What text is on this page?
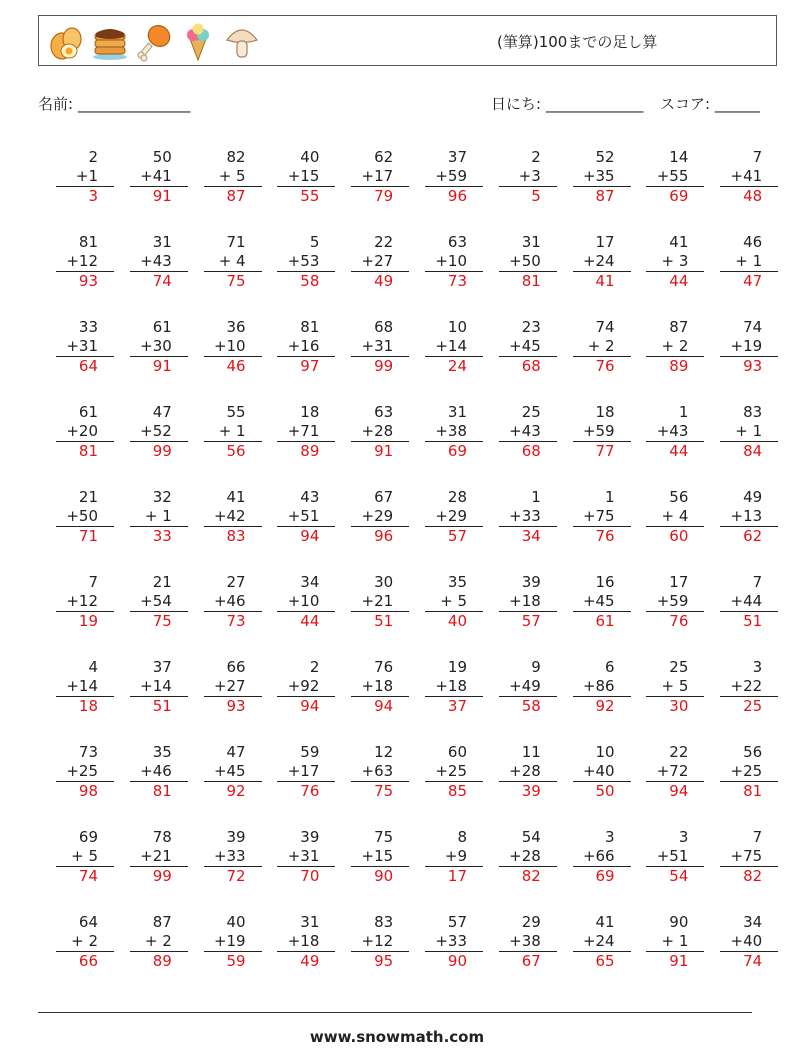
(筆算)100までの足し算
名前: _______________	日にち: _____________ スコア: ______
2
+1
3
50
+41
91
82
+ 5
87
40
+15
55
62
+17
79
37
+59
96
2
+3
5
52
+35
87
14
+55
69
7
+41
48
81
+12
93
31
+43
74
71
+ 4
75
5
+53
58
22
+27
49
63
+10
73
31
+50
81
17
+24
41
41
+ 3
44
46
+ 1
47
33
+31
64
61
+30
91
36
+10
46
81
+16
97
68
+31
99
10
+14
24
23
+45
68
74
+ 2
76
87
+ 2
89
74
+19
93
61
+20
81
47
+52
99
55
+ 1
56
18
+71
89
63
+28
91
31
+38
69
25
+43
68
18
+59
77
1
+43
44
83
+ 1
84
21
+50
71
32
+ 1
33
41
+42
83
43
+51
94
67
+29
96
28
+29
57
1
+33
34
1
+75
76
56
+ 4
60
49
+13
62
7
+12
19
21
+54
75
27
+46
73
34
+10
44
30
+21
51
35
+ 5
40
39
+18
57
16
+45
61
17
+59
76
7
+44
51
4
+14
18
37
+14
51
66
+27
93
2
+92
94
76
+18
94
19
+18
37
9
+49
58
6
+86
92
25
+ 5
30
3
+22
25
73
+25
98
35
+46
81
47
+45
92
59
+17
76
12
+63
75
60
+25
85
11
+28
39
10
+40
50
22
+72
94
56
+25
81
69
+ 5
74
78
+21
99
39
+33
72
39
+31
70
75
+15
90
8
+9
17
54
+28
82
3
+66
69
3
+51
54
7
+75
82
64
+ 2
66
87
+ 2
89
40
+19
59
31
+18
49
83
+12
95
57
+33
90
29
+38
67
41
+24
65
90
+ 1
91
34
+40
74
www.snowmath.com
